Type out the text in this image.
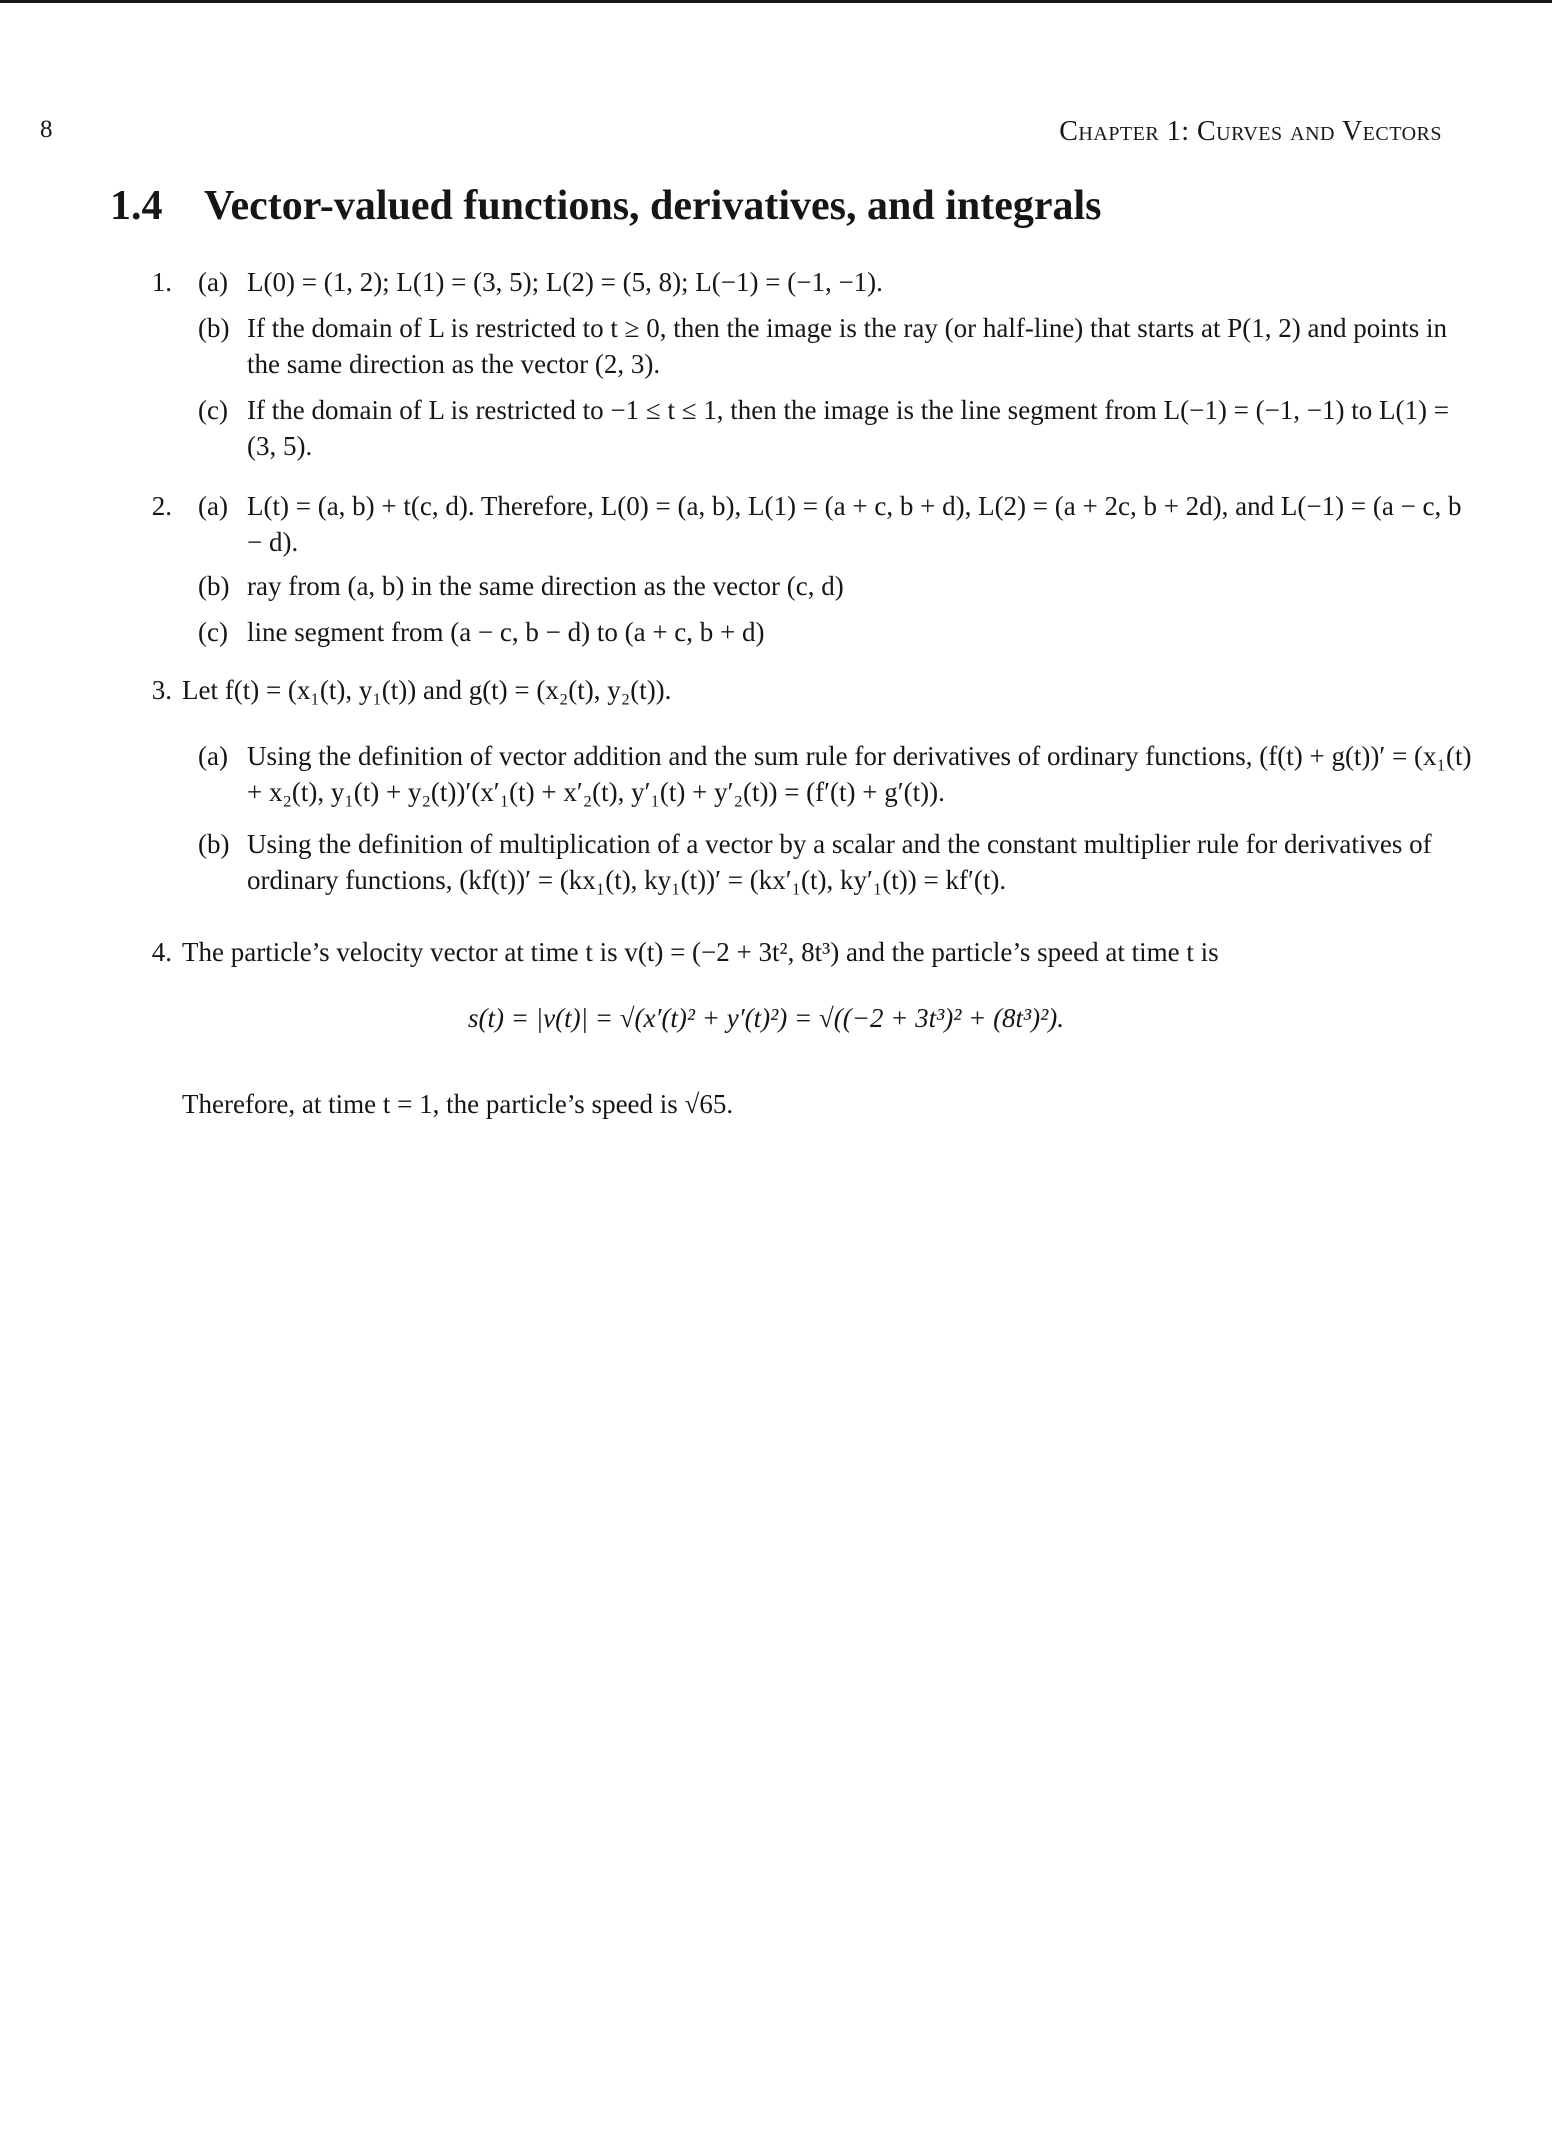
8	Chapter 1: Curves and Vectors
1.4 Vector-valued functions, derivatives, and integrals
1. (a) L(0) = (1, 2); L(1) = (3, 5); L(2) = (5, 8); L(−1) = (−1, −1).
(b) If the domain of L is restricted to t ≥ 0, then the image is the ray (or half-line) that starts at P(1, 2) and points in the same direction as the vector (2, 3).
(c) If the domain of L is restricted to −1 ≤ t ≤ 1, then the image is the line segment from L(−1) = (−1, −1) to L(1) = (3, 5).
2. (a) L(t) = (a, b) + t(c, d). Therefore, L(0) = (a, b), L(1) = (a + c, b + d), L(2) = (a + 2c, b + 2d), and L(−1) = (a − c, b − d).
(b) ray from (a, b) in the same direction as the vector (c, d)
(c) line segment from (a − c, b − d) to (a + c, b + d)
3. Let f(t) = (x₁(t), y₁(t)) and g(t) = (x₂(t), y₂(t)).
(a) Using the definition of vector addition and the sum rule for derivatives of ordinary functions, (f(t) + g(t))′ = (x₁(t) + x₂(t), y₁(t) + y₂(t))′(x′₁(t) + x′₂(t), y′₁(t) + y′₂(t)) = (f′(t) + g′(t)).
(b) Using the definition of multiplication of a vector by a scalar and the constant multiplier rule for derivatives of ordinary functions, (kf(t))′ = (kx₁(t), ky₁(t))′ = (kx′₁(t), ky′₁(t)) = kf′(t).
4. The particle’s velocity vector at time t is v(t) = (−2 + 3t², 8t³) and the particle’s speed at time t is
s(t) = |v(t)| = √(x′(t)² + y′(t)²) = √((−2 + 3t³)² + (8t³)²).
Therefore, at time t = 1, the particle’s speed is √65.
